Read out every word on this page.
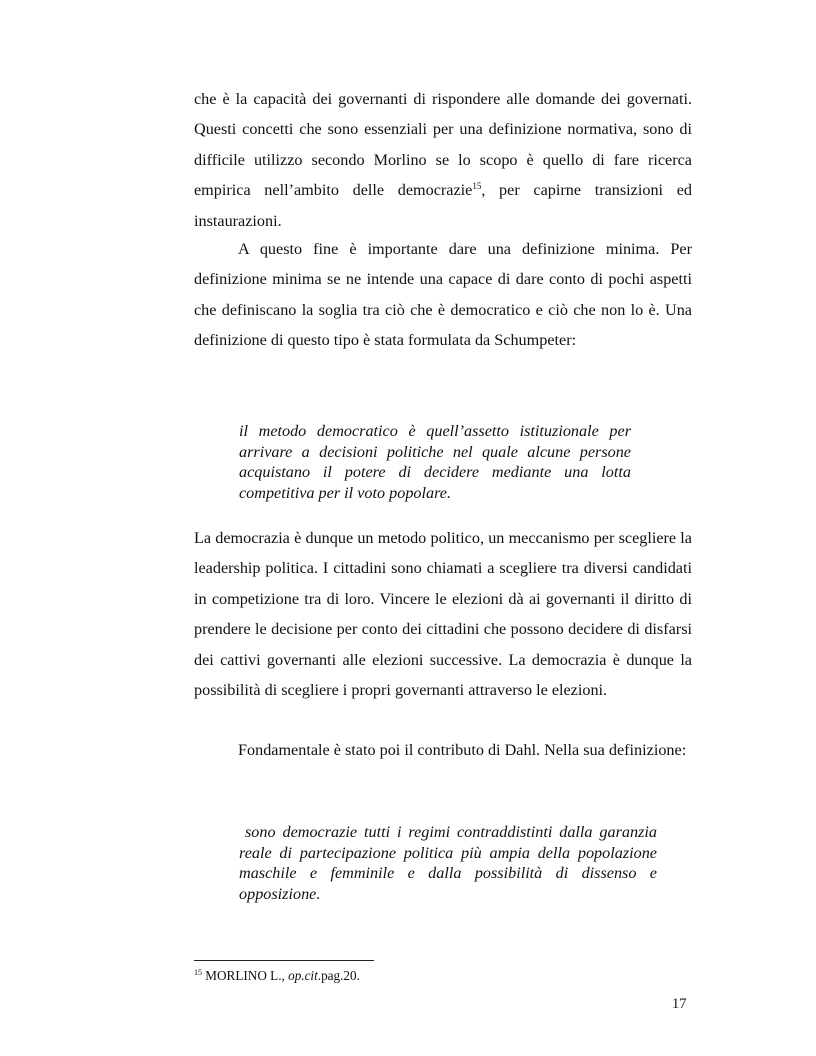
che è la capacità dei governanti di rispondere alle domande dei governati. Questi concetti che sono essenziali per una definizione normativa, sono di difficile utilizzo secondo Morlino se lo scopo è quello di fare ricerca empirica nell’ambito delle democrazie$^{15}$, per capirne transizioni ed instaurazioni.

A questo fine è importante dare una definizione minima. Per definizione minima se ne intende una capace di dare conto di pochi aspetti che definiscano la soglia tra ciò che è democratico e ciò che non lo è. Una definizione di questo tipo è stata formulata da Schumpeter:

il metodo democratico è quell’assetto istituzionale per arrivare a decisioni politiche nel quale alcune persone acquistano il potere di decidere mediante una lotta competitiva per il voto popolare.

La democrazia è dunque un metodo politico, un meccanismo per scegliere la leadership politica. I cittadini sono chiamati a scegliere tra diversi candidati in competizione tra di loro. Vincere le elezioni dà ai governanti il diritto di prendere le decisione per conto dei cittadini che possono decidere di disfarsi dei cattivi governanti alle elezioni successive. La democrazia è dunque la possibilità di scegliere i propri governanti attraverso le elezioni.

Fondamentale è stato poi il contributo di Dahl. Nella sua definizione:

sono democrazie tutti i regimi contraddistinti dalla garanzia reale di partecipazione politica più ampia della popolazione maschile e femminile e dalla possibilità di dissenso e opposizione.

$^{15}$ MORLINO L., op.cit.pag.20.

17
